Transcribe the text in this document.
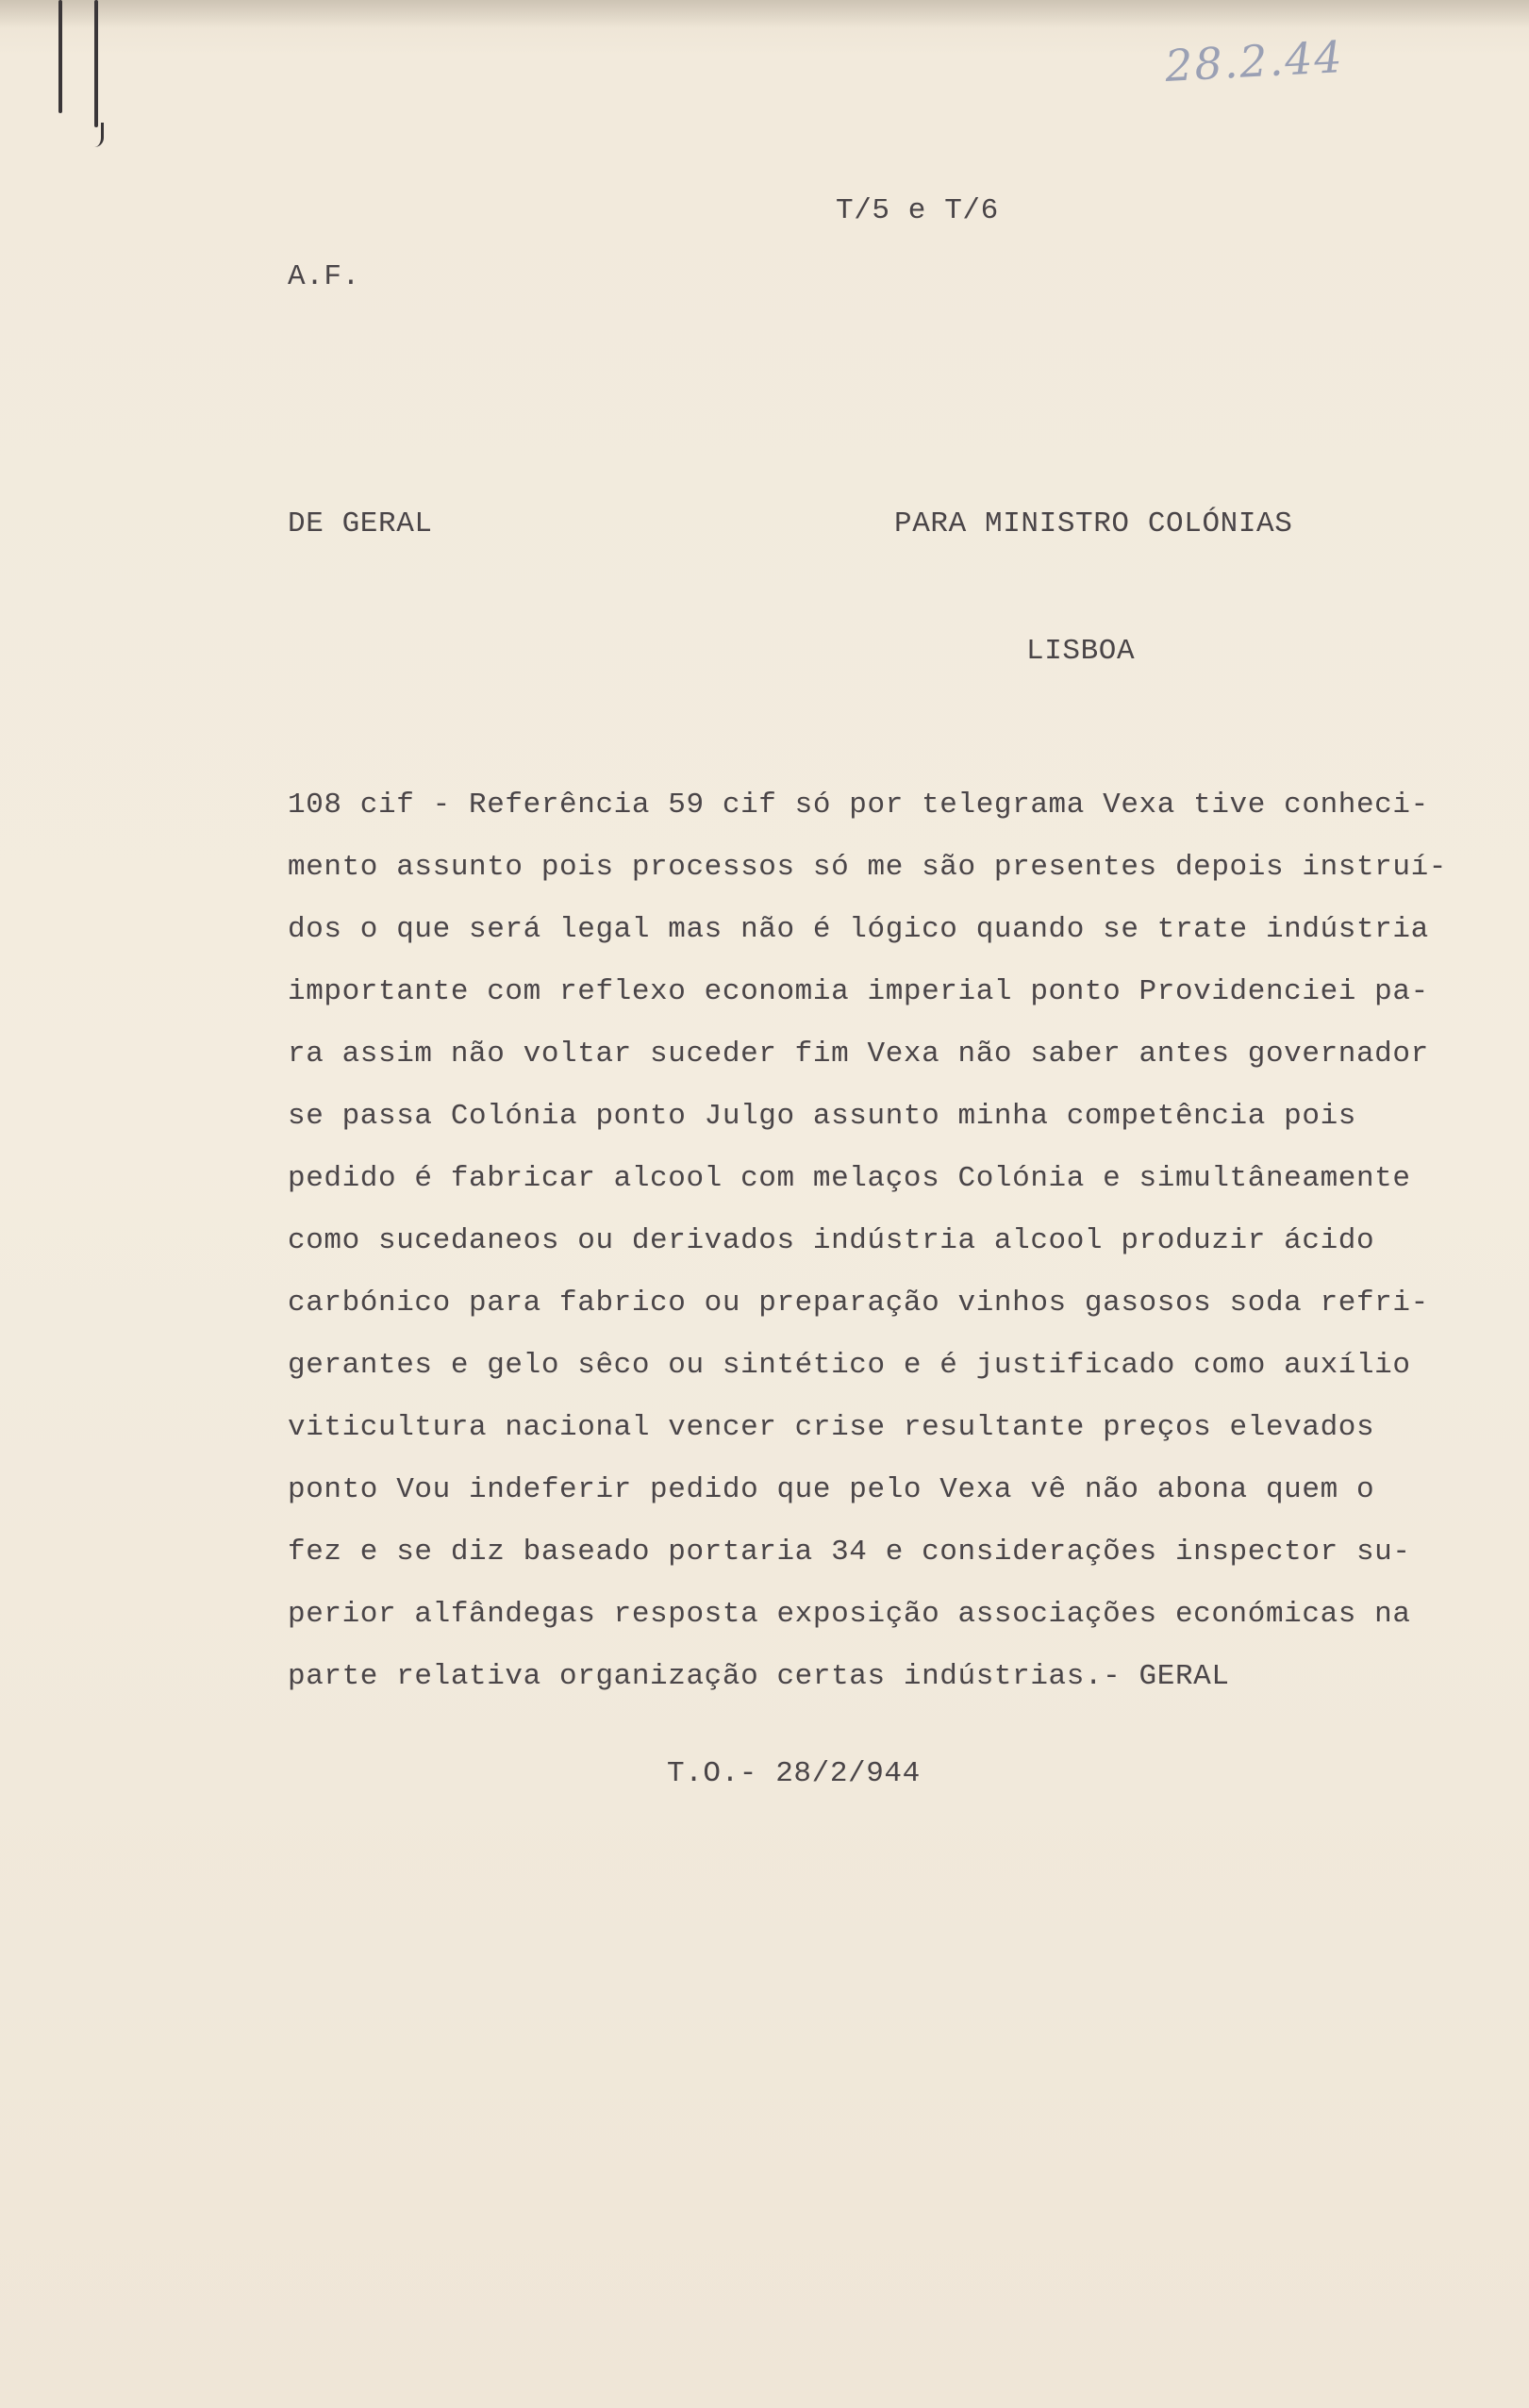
28.2.44
T/5 e T/6
A.F.
DE GERAL	PARA MINISTRO COLÓNIAS
LISBOA
108 cif - Referência 59 cif só por telegrama Vexa tive conheci-
mento assunto pois processos só me são presentes depois instruí-
dos o que será legal mas não é lógico quando se trate indústria
importante com reflexo economia imperial ponto Providenciei pa-
ra assim não voltar suceder fim Vexa não saber antes governador
se passa Colónia ponto Julgo assunto minha competência pois
pedido é fabricar alcool com melaços Colónia e simultâneamente
como sucedaneos ou derivados indústria alcool produzir ácido
carbónico para fabrico ou preparação vinhos gasosos soda refri-
gerantes e gelo sêco ou sintético e é justificado como auxílio
viticultura nacional vencer crise resultante preços elevados
ponto Vou indeferir pedido que pelo Vexa vê não abona quem o
fez e se diz baseado portaria 34 e considerações inspector su-
perior alfândegas resposta exposição associações económicas na
parte relativa organização certas indústrias.- GERAL
T.O.- 28/2/944
